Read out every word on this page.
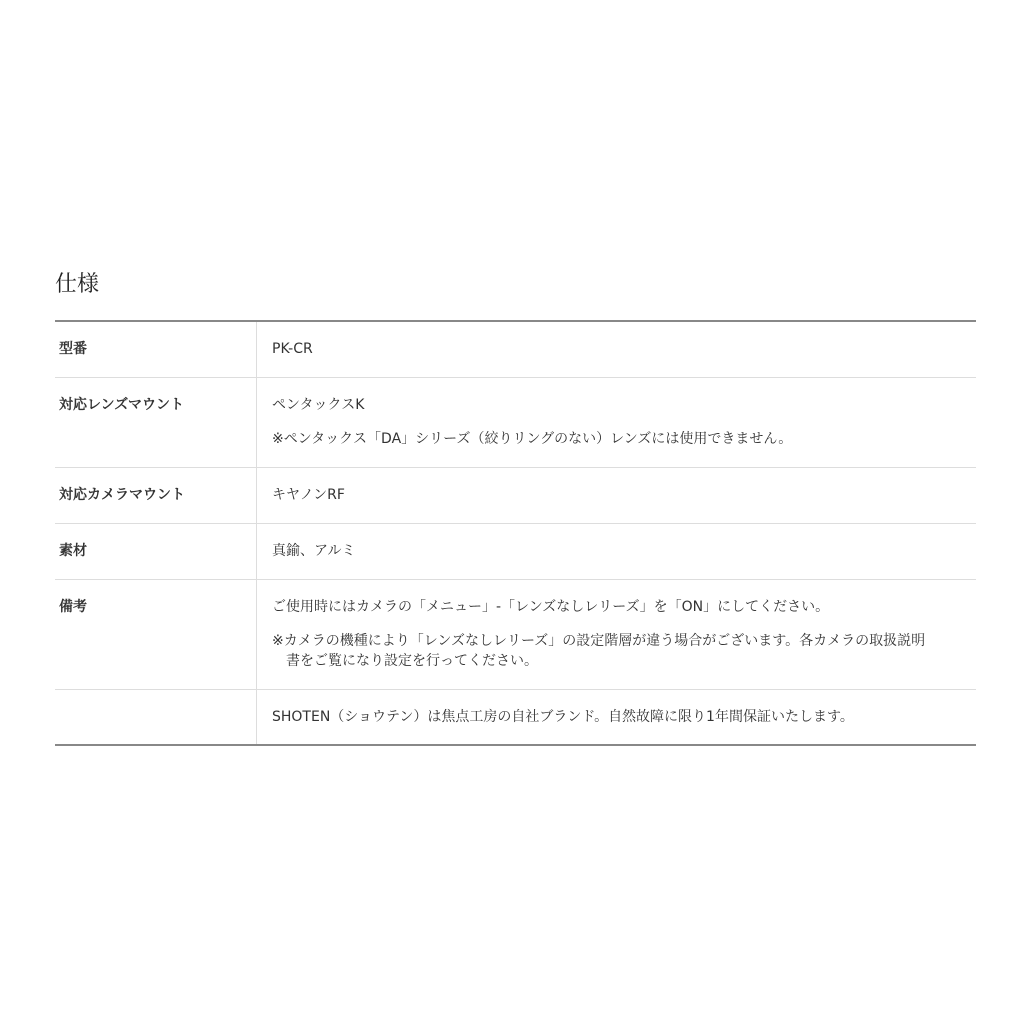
仕様
型番	PK-CR

対応レンズマウント	ペンタックスK
※ペンタックス「DA」シリーズ（絞りリングのない）レンズには使用できません。

対応カメラマウント	キヤノンRF

素材	真鍮、アルミ

備考	ご使用時にはカメラの「メニュー」-「レンズなしレリーズ」を「ON」にしてください。
※カメラの機種により「レンズなしレリーズ」の設定階層が違う場合がございます。各カメラの取扱説明
書をご覧になり設定を行ってください。

	SHOTEN（ショウテン）は焦点工房の自社ブランド。自然故障に限り1年間保証いたします。
